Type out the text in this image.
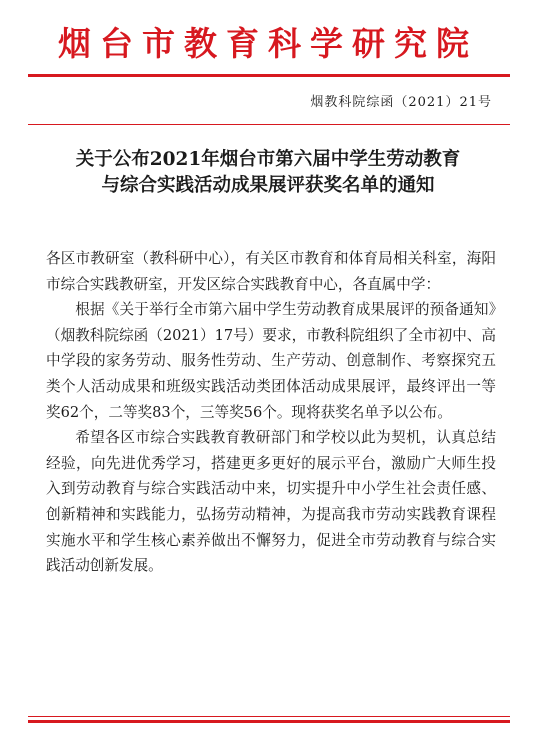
烟台市教育科学研究院
烟教科院综函（2021）21号
关于公布2021年烟台市第六届中学生劳动教育
与综合实践活动成果展评获奖名单的通知

各区市教研室（教科研中心），有关区市教育和体育局相关科室，海阳市综合实践教研室，开发区综合实践教育中心，各直属中学：

根据《关于举行全市第六届中学生劳动教育成果展评的预备通知》（烟教科院综函（2021）17号）要求，市教科院组织了全市初中、高中学段的家务劳动、服务性劳动、生产劳动、创意制作、考察探究五类个人活动成果和班级实践活动类团体活动成果展评，最终评出一等奖62个，二等奖83个，三等奖56个。现将获奖名单予以公布。

希望各区市综合实践教育教研部门和学校以此为契机，认真总结经验，向先进优秀学习，搭建更多更好的展示平台，激励广大师生投入到劳动教育与综合实践活动中来，切实提升中小学生社会责任感、创新精神和实践能力，弘扬劳动精神，为提高我市劳动实践教育课程实施水平和学生核心素养做出不懈努力，促进全市劳动教育与综合实践活动创新发展。
